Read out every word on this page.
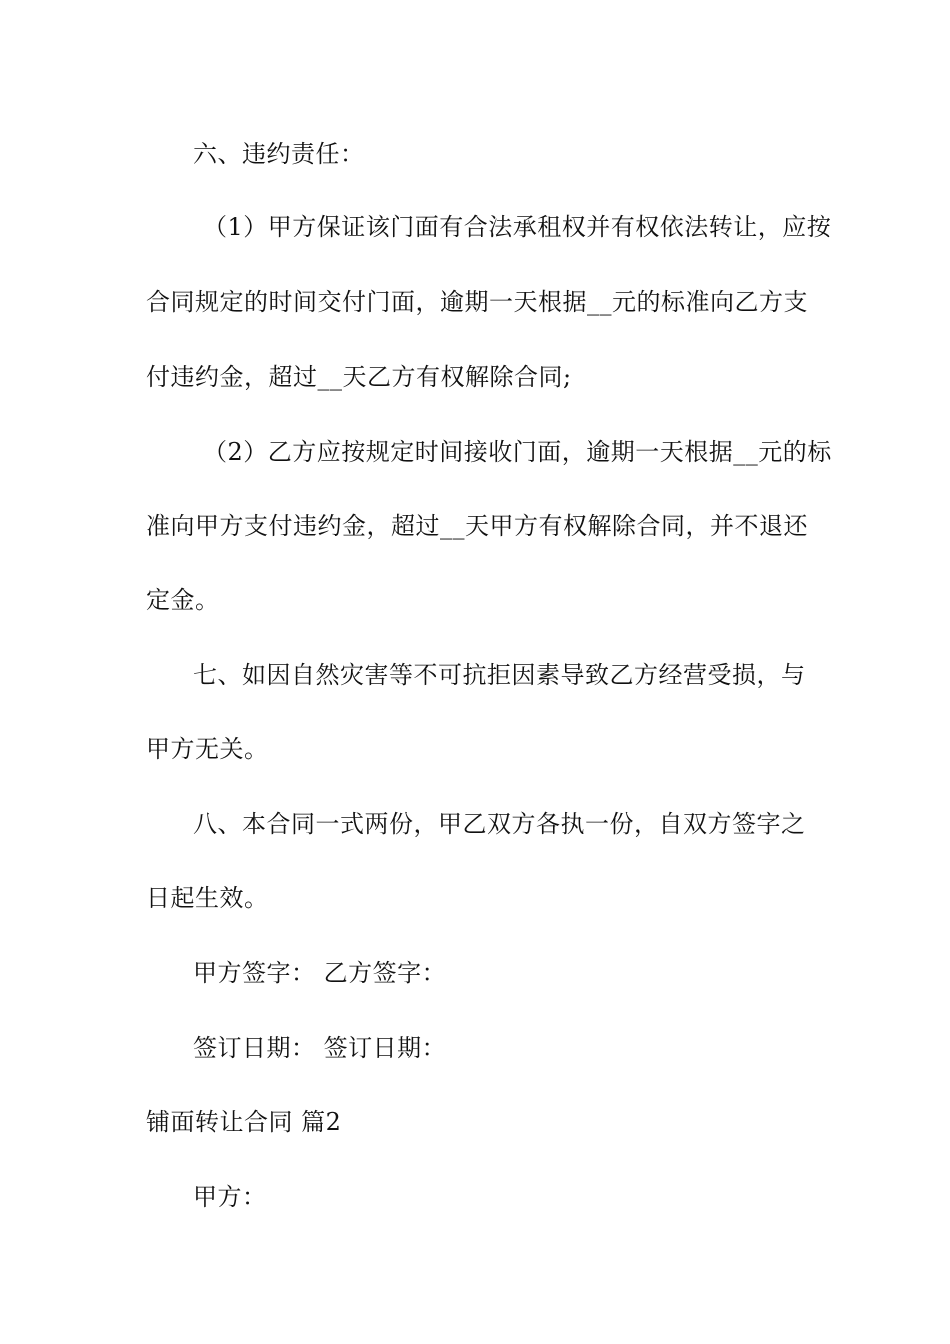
六、违约责任：
（1）甲方保证该门面有合法承租权并有权依法转让，应按
合同规定的时间交付门面，逾期一天根据__元的标准向乙方支
付违约金，超过__天乙方有权解除合同;
（2）乙方应按规定时间接收门面，逾期一天根据__元的标
准向甲方支付违约金，超过__天甲方有权解除合同，并不退还
定金。
七、如因自然灾害等不可抗拒因素导致乙方经营受损，与
甲方无关。
八、本合同一式两份，甲乙双方各执一份，自双方签字之
日起生效。
甲方签字： 乙方签字：
签订日期： 签订日期：
铺面转让合同 篇2
甲方：
